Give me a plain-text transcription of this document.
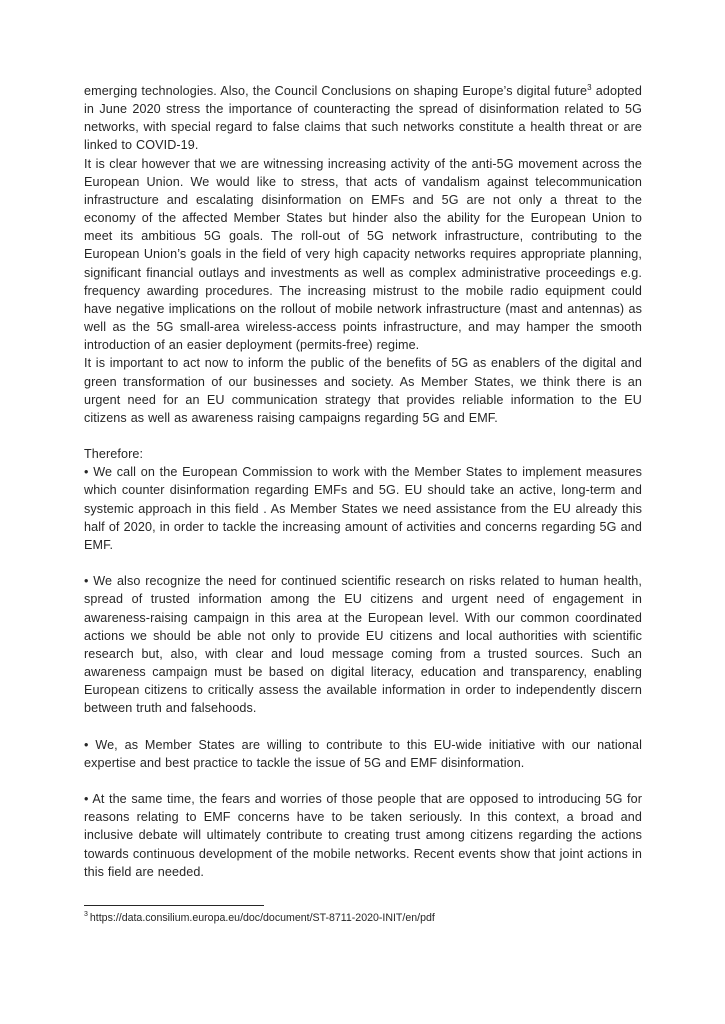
emerging technologies. Also, the Council Conclusions on shaping Europe’s digital future$^3$ adopted in June 2020 stress the importance of counteracting the spread of disinformation related to 5G networks, with special regard to false claims that such networks constitute a health threat or are linked to COVID-19.

It is clear however that we are witnessing increasing activity of the anti-5G movement across the European Union. We would like to stress, that acts of vandalism against telecommunication infrastructure and escalating disinformation on EMFs and 5G are not only a threat to the economy of the affected Member States but hinder also the ability for the European Union to meet its ambitious 5G goals. The roll-out of 5G network infrastructure, contributing to the European Union’s goals in the field of very high capacity networks requires appropriate planning, significant financial outlays and investments as well as complex administrative proceedings e.g. frequency awarding procedures. The increasing mistrust to the mobile radio equipment could have negative implications on the rollout of mobile network infrastructure (mast and antennas) as well as the 5G small-area wireless-access points infrastructure, and may hamper the smooth introduction of an easier deployment (permits-free) regime.

It is important to act now to inform the public of the benefits of 5G as enablers of the digital and green transformation of our businesses and society. As Member States, we think there is an urgent need for an EU communication strategy that provides reliable information to the EU citizens as well as awareness raising campaigns regarding 5G and EMF.

Therefore:

• We call on the European Commission to work with the Member States to implement measures which counter disinformation regarding EMFs and 5G. EU should take an active, long-term and systemic approach in this field . As Member States we need assistance from the EU already this half of 2020, in order to tackle the increasing amount of activities and concerns regarding 5G and EMF.

• We also recognize the need for continued scientific research on risks related to human health, spread of trusted information among the EU citizens and urgent need of engagement in awareness-raising campaign in this area at the European level. With our common coordinated actions we should be able not only to provide EU citizens and local authorities with scientific research but, also, with clear and loud message coming from a trusted sources. Such an awareness campaign must be based on digital literacy, education and transparency, enabling European citizens to critically assess the available information in order to independently discern between truth and falsehoods.

• We, as Member States are willing to contribute to this EU-wide initiative with our national expertise and best practice to tackle the issue of 5G and EMF disinformation.

• At the same time, the fears and worries of those people that are opposed to introducing 5G for reasons relating to EMF concerns have to be taken seriously. In this context, a broad and inclusive debate will ultimately contribute to creating trust among citizens regarding the actions towards continuous development of the mobile networks. Recent events show that joint actions in this field are needed.

$^3$ https://data.consilium.europa.eu/doc/document/ST-8711-2020-INIT/en/pdf
